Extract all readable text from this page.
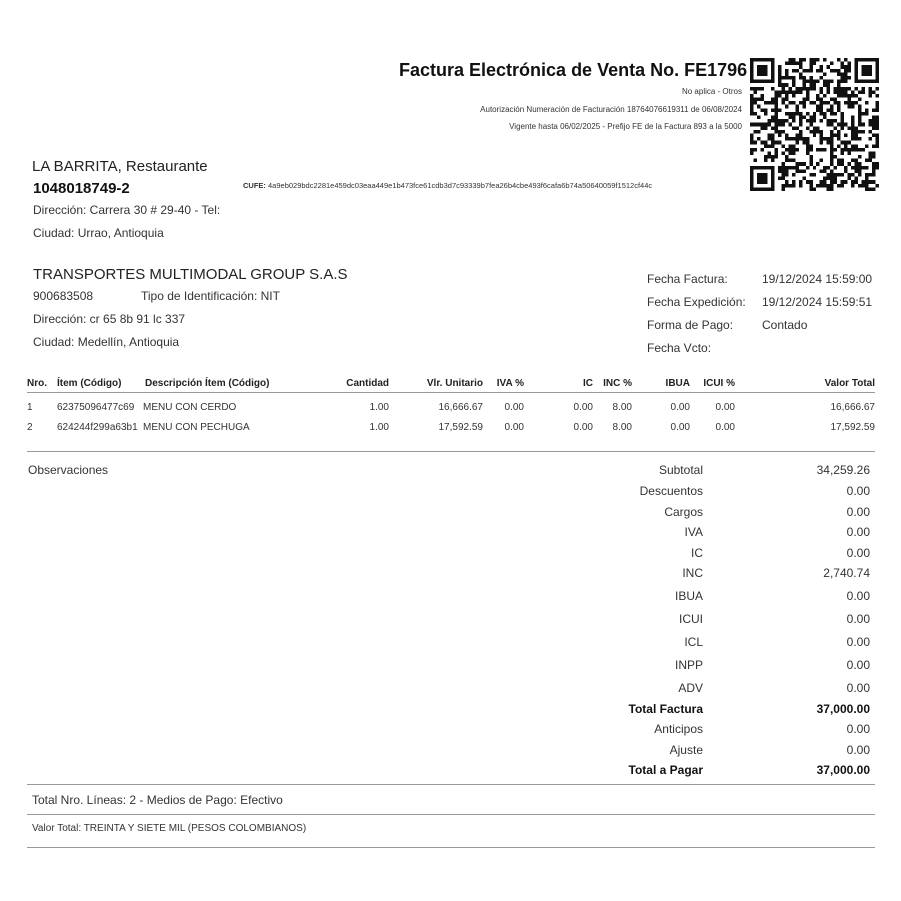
Factura Electrónica de Venta No. FE1796
No aplica - Otros
Autorización Numeración de Facturación 18764076619311 de 06/08/2024
Vigente hasta 06/02/2025 - Prefijo FE de la Factura 893 a la 5000
LA BARRITA, Restaurante
1048018749-2	CUFE: 4a9eb029bdc2281e459dc03eaa449e1b473fce61cdb3d7c93339b7fea26b4cbe493f6cafa6b74a50640059f1512cf44c
Dirección: Carrera 30 # 29-40 - Tel:
Ciudad: Urrao, Antioquia
TRANSPORTES MULTIMODAL GROUP S.A.S
900683508	Tipo de Identificación: NIT
Dirección: cr 65 8b 91 lc 337
Ciudad: Medellín, Antioquia
Fecha Factura:	19/12/2024 15:59:00
Fecha Expedición: 19/12/2024 15:59:51
Forma de Pago: Contado
Fecha Vcto:
Nro.	Ítem (Código)	Descripción Ítem (Código)	Cantidad	Vlr. Unitario	IVA %	IC	INC %	IBUA	ICUI %	Valor Total
1	62375096477c69	MENU CON CERDO	1.00	16,666.67	0.00	0.00	8.00	0.00	0.00	16,666.67
2	624244f299a63b1	MENU CON PECHUGA	1.00	17,592.59	0.00	0.00	8.00	0.00	0.00	17,592.59
Observaciones	Subtotal	34,259.26
Descuentos	0.00
Cargos	0.00
IVA	0.00
IC	0.00
INC	2,740.74
IBUA	0.00
ICUI	0.00
ICL	0.00
INPP	0.00
ADV	0.00
Total Factura	37,000.00
Anticipos	0.00
Ajuste	0.00
Total a Pagar	37,000.00
Total Nro. Líneas: 2 - Medios de Pago: Efectivo
Valor Total: TREINTA Y SIETE MIL (PESOS COLOMBIANOS)
